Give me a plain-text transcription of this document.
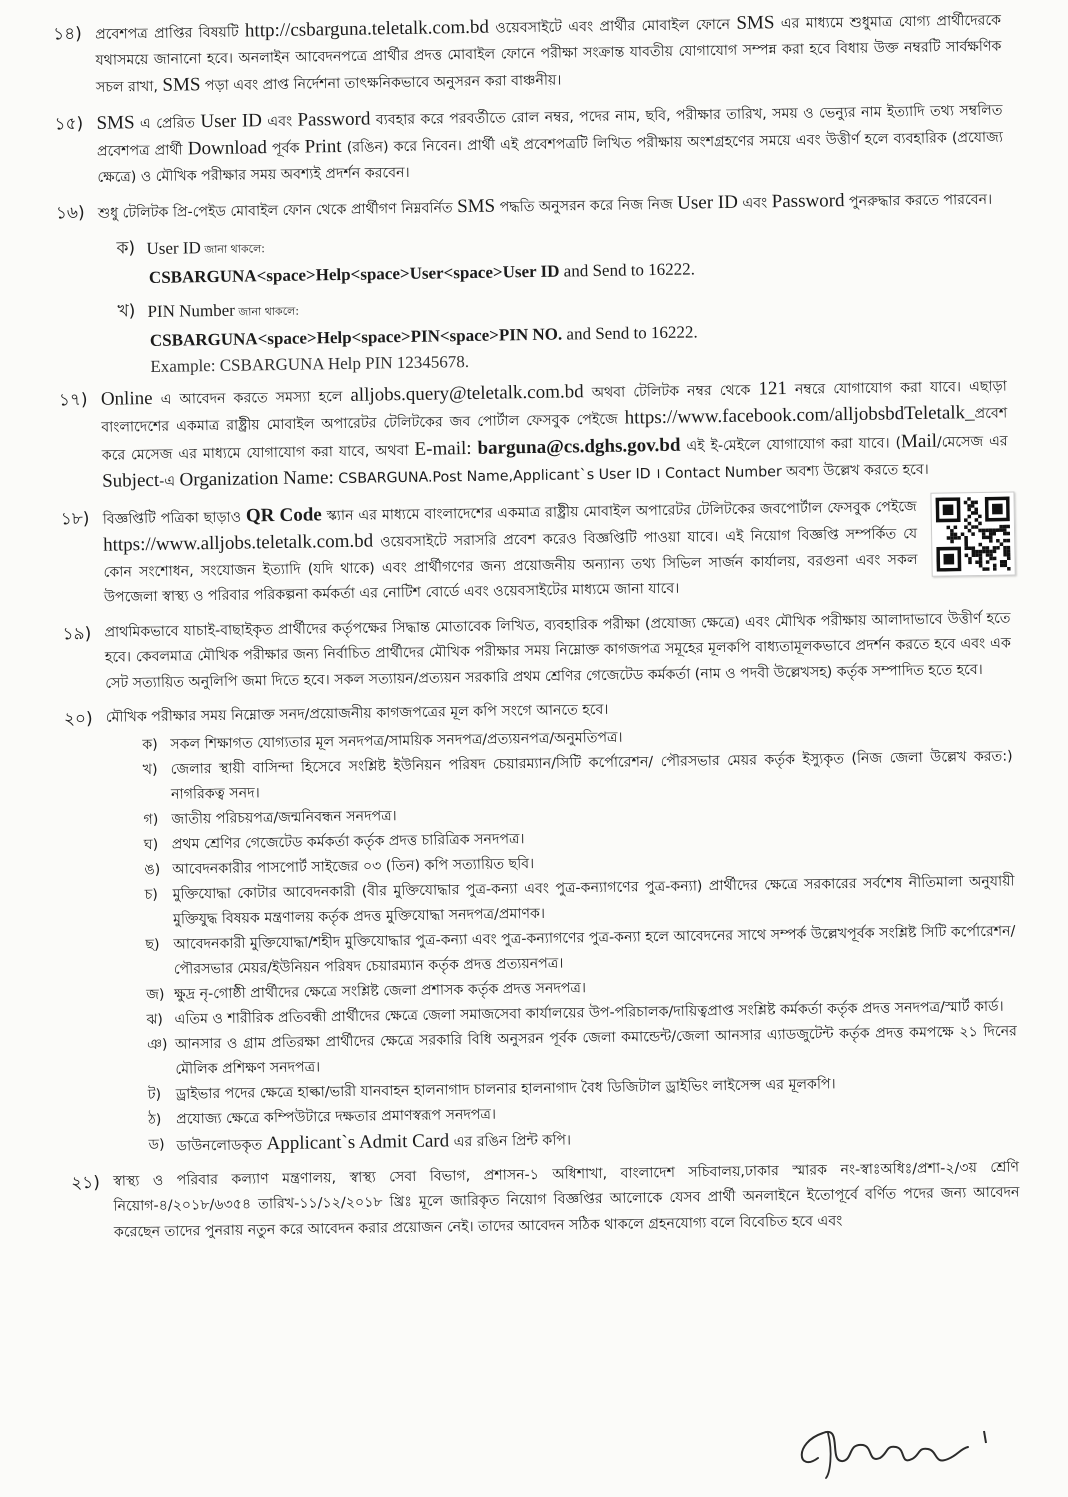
১৪) প্রবেশপত্র প্রাপ্তির বিষয়টি http://csbarguna.teletalk.com.bd ওয়েবসাইটে এবং প্রার্থীর মোবাইল ফোনে SMS এর মাধ্যমে শুধুমাত্র যোগ্য প্রার্থীদেরকে যথাসময়ে জানানো হবে। অনলাইন আবেদনপত্রে প্রার্থীর প্রদত্ত মোবাইল ফোনে পরীক্ষা সংক্রান্ত যাবতীয় যোগাযোগ সম্পন্ন করা হবে বিধায় উক্ত নম্বরটি সার্বক্ষণিক সচল রাখা, SMS পড়া এবং প্রাপ্ত নির্দেশনা তাৎক্ষনিকভাবে অনুসরন করা বাঞ্চনীয়।

১৫) SMS এ প্রেরিত User ID এবং Password ব্যবহার করে পরবর্তীতে রোল নম্বর, পদের নাম, ছবি, পরীক্ষার তারিখ, সময় ও ভেন্যুর নাম ইত্যাদি তথ্য সম্বলিত প্রবেশপত্র প্রার্থী Download পূর্বক Print (রঙিন) করে নিবেন। প্রার্থী এই প্রবেশপত্রটি লিখিত পরীক্ষায় অংশগ্রহণের সময়ে এবং উত্তীর্ণ হলে ব্যবহারিক (প্রযোজ্য ক্ষেত্রে) ও মৌখিক পরীক্ষার সময় অবশ্যই প্রদর্শন করবেন।

১৬) শুধু টেলিটক প্রি-পেইড মোবাইল ফোন থেকে প্রার্থীগণ নিম্নবর্নিত SMS পদ্ধতি অনুসরন করে নিজ নিজ User ID এবং Password পুনরুদ্ধার করতে পারবেন।

ক) User ID জানা থাকলে:
CSBARGUNA<space>Help<space>User<space>User ID and Send to 16222.
খ) PIN Number জানা থাকলে:
CSBARGUNA<space>Help<space>PIN<space>PIN NO. and Send to 16222.
Example: CSBARGUNA Help PIN 12345678.
১৭) Online এ আবেদন করতে সমস্যা হলে alljobs.query@teletalk.com.bd অথবা টেলিটক নম্বর থেকে 121 নম্বরে যোগাযোগ করা যাবে। এছাড়া বাংলাদেশের একমাত্র রাষ্ট্রীয় মোবাইল অপারেটর টেলিটকের জব পোর্টাল ফেসবুক পেইজে https://www.facebook.com/alljobsbdTeletalk_প্রবেশ করে মেসেজ এর মাধ্যমে যোগাযোগ করা যাবে, অথবা E-mail: barguna@cs.dghs.gov.bd এই ই-মেইলে যোগাযোগ করা যাবে। (Mail/মেসেজ এর Subject-এ Organization Name: CSBARGUNA.Post Name,Applicant`s User ID । Contact Number অবশ্য উল্লেখ করতে হবে।

১৮) বিজ্ঞপ্তিটি পত্রিকা ছাড়াও QR Code স্ক্যান এর মাধ্যমে বাংলাদেশের একমাত্র রাষ্ট্রীয় মোবাইল অপারেটর টেলিটকের জবপোর্টাল ফেসবুক পেইজে https://www.alljobs.teletalk.com.bd ওয়েবসাইটে সরাসরি প্রবেশ করেও বিজ্ঞপ্তিটি পাওয়া যাবে। এই নিয়োগ বিজ্ঞপ্তি সম্পর্কিত যে কোন সংশোধন, সংযোজন ইত্যাদি (যদি থাকে) এবং প্রার্থীগণের জন্য প্রয়োজনীয় অন্যান্য তথ্য সিভিল সার্জন কার্যালয়, বরগুনা এবং সকল উপজেলা স্বাস্থ্য ও পরিবার পরিকল্পনা কর্মকর্তা এর নোটিশ বোর্ডে এবং ওয়েবসাইটের মাধ্যমে জানা যাবে।

১৯) প্রাথমিকভাবে যাচাই-বাছাইকৃত প্রার্থীদের কর্তৃপক্ষের সিদ্ধান্ত মোতাবেক লিখিত, ব্যবহারিক পরীক্ষা (প্রযোজ্য ক্ষেত্রে) এবং মৌখিক পরীক্ষায় আলাদাভাবে উত্তীর্ণ হতে হবে। কেবলমাত্র মৌখিক পরীক্ষার জন্য নির্বাচিত প্রার্থীদের মৌখিক পরীক্ষার সময় নিম্নোক্ত কাগজপত্র সমূহের মূলকপি বাধ্যতামূলকভাবে প্রদর্শন করতে হবে এবং এক সেট সত্যায়িত অনুলিপি জমা দিতে হবে। সকল সত্যায়ন/প্রত্যয়ন সরকারি প্রথম শ্রেণির গেজেটেড কর্মকর্তা (নাম ও পদবী উল্লেখসহ) কর্তৃক সম্পাদিত হতে হবে।

২০) মৌখিক পরীক্ষার সময় নিম্নোক্ত সনদ/প্রয়োজনীয় কাগজপত্রের মূল কপি সংগে আনতে হবে।

ক) সকল শিক্ষাগত যোগ্যতার মূল সনদপত্র/সাময়িক সনদপত্র/প্রত্যয়নপত্র/অনুমতিপত্র।
খ) জেলার স্থায়ী বাসিন্দা হিসেবে সংশ্লিষ্ট ইউনিয়ন পরিষদ চেয়ারম্যান/সিটি কর্পোরেশন/ পৌরসভার মেয়র কর্তৃক ইস্যুকৃত (নিজ জেলা উল্লেখ করত:) নাগরিকত্ব সনদ।
গ) জাতীয় পরিচয়পত্র/জন্মনিবন্ধন সনদপত্র।
ঘ) প্রথম শ্রেণির গেজেটেড কর্মকর্তা কর্তৃক প্রদত্ত চারিত্রিক সনদপত্র।
ঙ) আবেদনকারীর পাসপোর্ট সাইজের ০৩ (তিন) কপি সত্যায়িত ছবি।
চ)	মুক্তিযোদ্ধা কোটার আবেদনকারী (বীর মুক্তিযোদ্ধার পুত্র-কন্যা এবং পুত্র-কন্যাগণের পুত্র-কন্যা) প্রার্থীদের ক্ষেত্রে সরকারের সর্বশেষ নীতিমালা অনুযায়ী মুক্তিযুদ্ধ বিষয়ক মন্ত্রণালয় কর্তৃক প্রদত্ত মুক্তিযোদ্ধা সনদপত্র/প্রমাণক।
ছ) আবেদনকারী মুক্তিযোদ্ধা/শহীদ মুক্তিযোদ্ধার পুত্র-কন্যা এবং পুত্র-কন্যাগণের পুত্র-কন্যা হলে আবেদনের সাথে সম্পর্ক উল্লেখপূর্বক সংশ্লিষ্ট সিটি কর্পোরেশন/পৌরসভার মেয়র/ইউনিয়ন পরিষদ চেয়ারম্যান কর্তৃক প্রদত্ত প্রত্যয়নপত্র।
জ) ক্ষুদ্র নৃ-গোষ্ঠী প্রার্থীদের ক্ষেত্রে সংশ্লিষ্ট জেলা প্রশাসক কর্তৃক প্রদত্ত সনদপত্র।
ঝ) এতিম ও শারীরিক প্রতিবন্ধী প্রার্থীদের ক্ষেত্রে জেলা সমাজসেবা কার্যালয়ের উপ-পরিচালক/দায়িত্বপ্রাপ্ত সংশ্লিষ্ট কর্মকর্তা কর্তৃক প্রদত্ত সনদপত্র/স্মার্ট কার্ড।
ঞ) আনসার ও গ্রাম প্রতিরক্ষা প্রার্থীদের ক্ষেত্রে সরকারি বিধি অনুসরন পূর্বক জেলা কমান্ডেন্ট/জেলা আনসার এ্যাডজুটেন্ট কর্তৃক প্রদত্ত কমপক্ষে ২১ দিনের মৌলিক প্রশিক্ষণ সনদপত্র।
ট)	ড্রাইভার পদের ক্ষেত্রে হাল্কা/ভারী যানবাহন হালনাগাদ চালনার হালনাগাদ বৈধ ডিজিটাল ড্রাইভিং লাইসেন্স এর মূলকপি।
ঠ)	প্রযোজ্য ক্ষেত্রে কম্পিউটারে দক্ষতার প্রমাণস্বরূপ সনদপত্র।
ড) ডাউনলোডকৃত Applicant`s Admit Card এর রঙিন প্রিন্ট কপি।
২১) স্বাস্থ্য ও পরিবার কল্যাণ মন্ত্রণালয়, স্বাস্থ্য সেবা বিভাগ, প্রশাসন-১ অধিশাখা, বাংলাদেশ সচিবালয়,ঢাকার স্মারক নং-স্বাঃঅধিঃ/প্রশা-২/৩য় শ্রেণি নিয়োগ-৪/২০১৮/৬৩৫৪ তারিখ-১১/১২/২০১৮ খ্রিঃ মূলে জারিকৃত নিয়োগ বিজ্ঞপ্তির আলোকে যেসব প্রার্থী অনলাইনে ইতোপূর্বে বর্ণিত পদের জন্য আবেদন করেছেন তাদের পুনরায় নতুন করে আবেদন করার প্রয়োজন নেই। তাদের আবেদন সঠিক থাকলে গ্রহনযোগ্য বলে বিবেচিত হবে এবং
